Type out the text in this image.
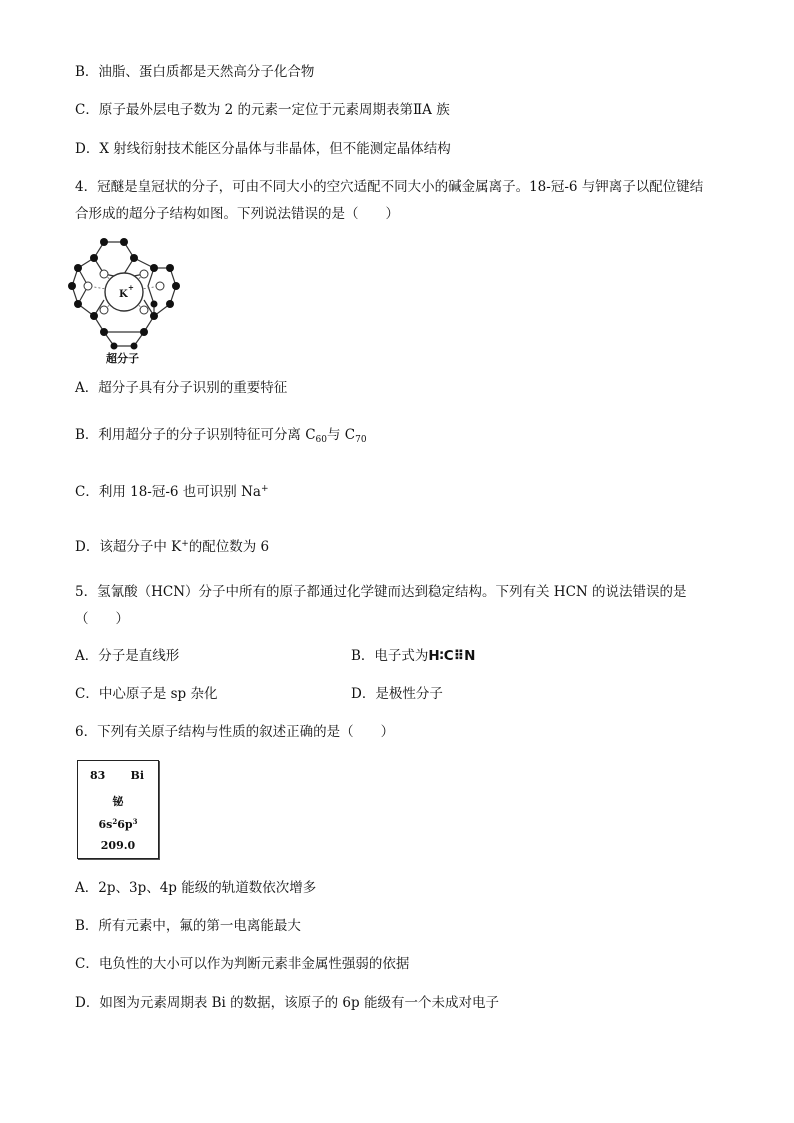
B．油脂、蛋白质都是天然高分子化合物
C．原子最外层电子数为 2 的元素一定位于元素周期表第ⅡA 族
D．X 射线衍射技术能区分晶体与非晶体，但不能测定晶体结构
4．冠醚是皇冠状的分子，可由不同大小的空穴适配不同大小的碱金属离子。18-冠-6 与钾离子以配位键结
合形成的超分子结构如图。下列说法错误的是（　　）
K
+
超分子
A．超分子具有分子识别的重要特征
B．利用超分子的分子识别特征可分离 $C_{60}$与 $C_{70}$
C．利用 18-冠-6 也可识别 Na+
D．该超分子中 K+的配位数为 6
5．氢氰酸（HCN）分子中所有的原子都通过化学键而达到稳定结构。下列有关 HCN 的说法错误的是
（　　）
A．分子是直线形	B．电子式为H∶C⠿N
C．中心原子是 sp 杂化	D．是极性分子
6．下列有关原子结构与性质的叙述正确的是（　　）
83 Bi
铋
$6s^26p^3$
209.0
A．2p、3p、4p 能级的轨道数依次增多
B．所有元素中，氟的第一电离能最大
C．电负性的大小可以作为判断元素非金属性强弱的依据
D．如图为元素周期表 Bi 的数据，该原子的 6p 能级有一个未成对电子
